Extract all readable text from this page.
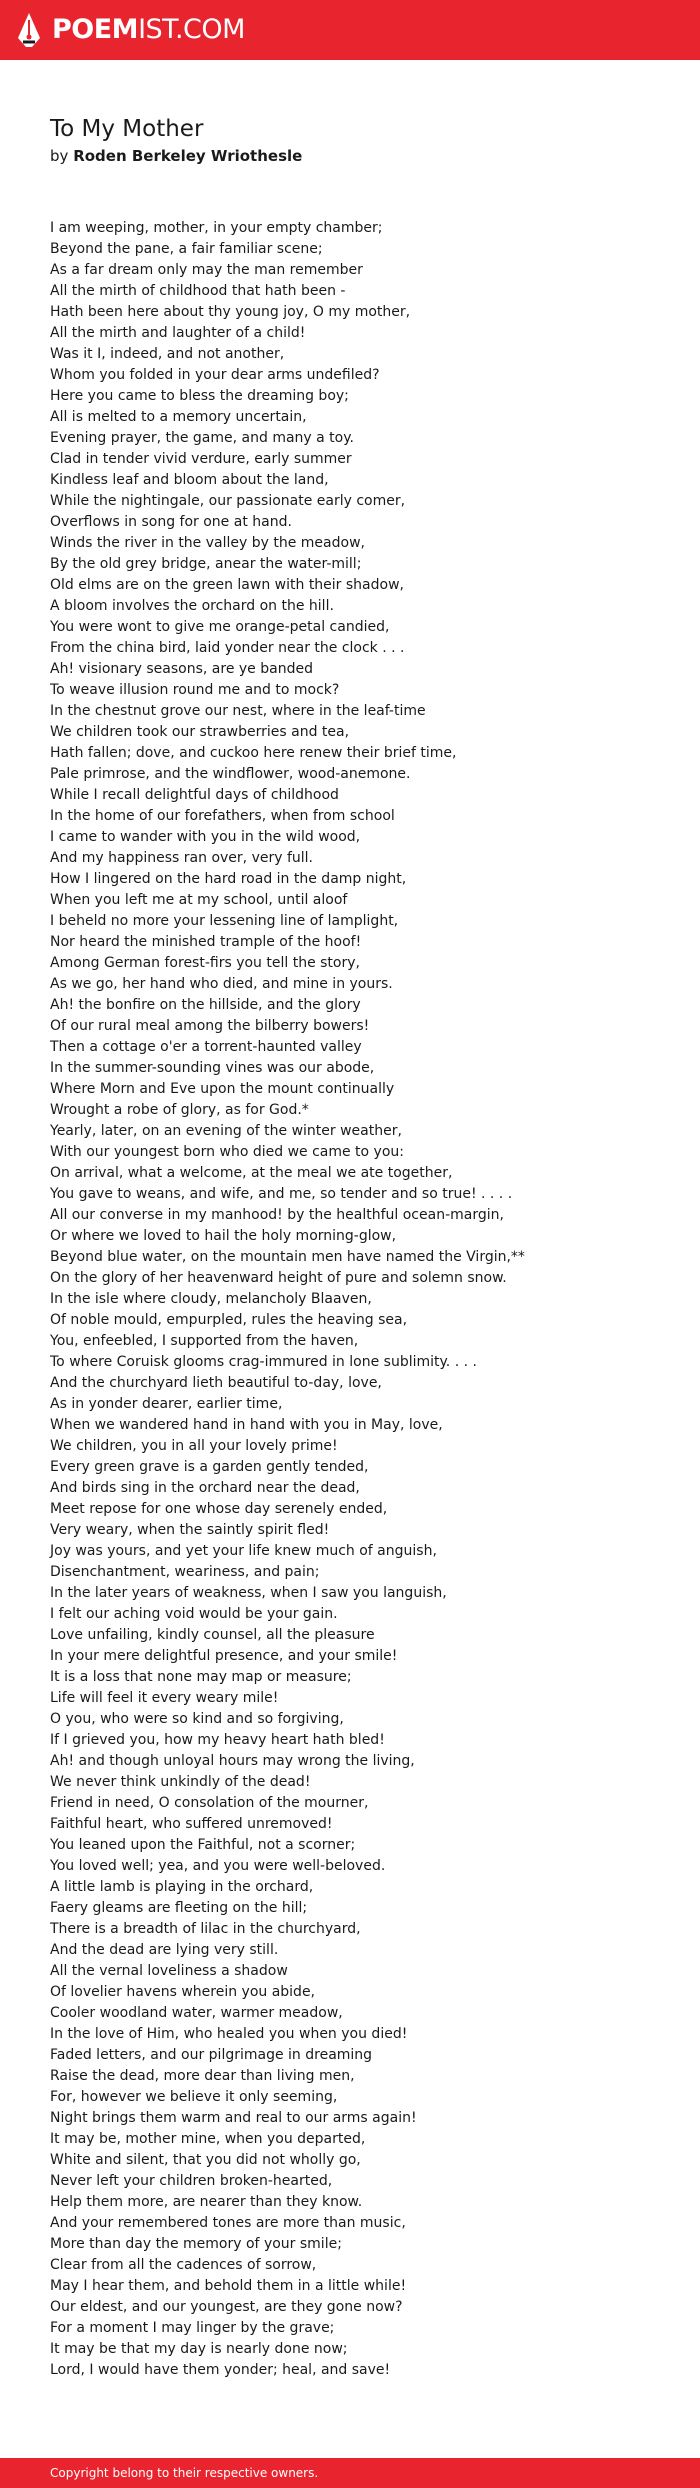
POEMIST.COM
To My Mother
by Roden Berkeley Wriothesle
I am weeping, mother, in your empty chamber;
Beyond the pane, a fair familiar scene;
As a far dream only may the man remember
All the mirth of childhood that hath been -
Hath been here about thy young joy, O my mother,
All the mirth and laughter of a child!
Was it I, indeed, and not another,
Whom you folded in your dear arms undefiled?
Here you came to bless the dreaming boy;
All is melted to a memory uncertain,
Evening prayer, the game, and many a toy.
Clad in tender vivid verdure, early summer
Kindless leaf and bloom about the land,
While the nightingale, our passionate early comer,
Overflows in song for one at hand.
Winds the river in the valley by the meadow,
By the old grey bridge, anear the water-mill;
Old elms are on the green lawn with their shadow,
A bloom involves the orchard on the hill.
You were wont to give me orange-petal candied,
From the china bird, laid yonder near the clock . . .
Ah! visionary seasons, are ye banded
To weave illusion round me and to mock?
In the chestnut grove our nest, where in the leaf-time
We children took our strawberries and tea,
Hath fallen; dove, and cuckoo here renew their brief time,
Pale primrose, and the windflower, wood-anemone.
While I recall delightful days of childhood
In the home of our forefathers, when from school
I came to wander with you in the wild wood,
And my happiness ran over, very full.
How I lingered on the hard road in the damp night,
When you left me at my school, until aloof
I beheld no more your lessening line of lamplight,
Nor heard the minished trample of the hoof!
Among German forest-firs you tell the story,
As we go, her hand who died, and mine in yours.
Ah! the bonfire on the hillside, and the glory
Of our rural meal among the bilberry bowers!
Then a cottage o'er a torrent-haunted valley
In the summer-sounding vines was our abode,
Where Morn and Eve upon the mount continually
Wrought a robe of glory, as for God.*
Yearly, later, on an evening of the winter weather,
With our youngest born who died we came to you:
On arrival, what a welcome, at the meal we ate together,
You gave to weans, and wife, and me, so tender and so true! . . . .
All our converse in my manhood! by the healthful ocean-margin,
Or where we loved to hail the holy morning-glow,
Beyond blue water, on the mountain men have named the Virgin,**
On the glory of her heavenward height of pure and solemn snow.
In the isle where cloudy, melancholy Blaaven,
Of noble mould, empurpled, rules the heaving sea,
You, enfeebled, I supported from the haven,
To where Coruisk glooms crag-immured in lone sublimity. . . .
And the churchyard lieth beautiful to-day, love,
As in yonder dearer, earlier time,
When we wandered hand in hand with you in May, love,
We children, you in all your lovely prime!
Every green grave is a garden gently tended,
And birds sing in the orchard near the dead,
Meet repose for one whose day serenely ended,
Very weary, when the saintly spirit fled!
Joy was yours, and yet your life knew much of anguish,
Disenchantment, weariness, and pain;
In the later years of weakness, when I saw you languish,
I felt our aching void would be your gain.
Love unfailing, kindly counsel, all the pleasure
In your mere delightful presence, and your smile!
It is a loss that none may map or measure;
Life will feel it every weary mile!
O you, who were so kind and so forgiving,
If I grieved you, how my heavy heart hath bled!
Ah! and though unloyal hours may wrong the living,
We never think unkindly of the dead!
Friend in need, O consolation of the mourner,
Faithful heart, who suffered unremoved!
You leaned upon the Faithful, not a scorner;
You loved well; yea, and you were well-beloved.
A little lamb is playing in the orchard,
Faery gleams are fleeting on the hill;
There is a breadth of lilac in the churchyard,
And the dead are lying very still.
All the vernal loveliness a shadow
Of lovelier havens wherein you abide,
Cooler woodland water, warmer meadow,
In the love of Him, who healed you when you died!
Faded letters, and our pilgrimage in dreaming
Raise the dead, more dear than living men,
For, however we believe it only seeming,
Night brings them warm and real to our arms again!
It may be, mother mine, when you departed,
White and silent, that you did not wholly go,
Never left your children broken-hearted,
Help them more, are nearer than they know.
And your remembered tones are more than music,
More than day the memory of your smile;
Clear from all the cadences of sorrow,
May I hear them, and behold them in a little while!
Our eldest, and our youngest, are they gone now?
For a moment I may linger by the grave;
It may be that my day is nearly done now;
Lord, I would have them yonder; heal, and save!
Copyright belong to their respective owners.
